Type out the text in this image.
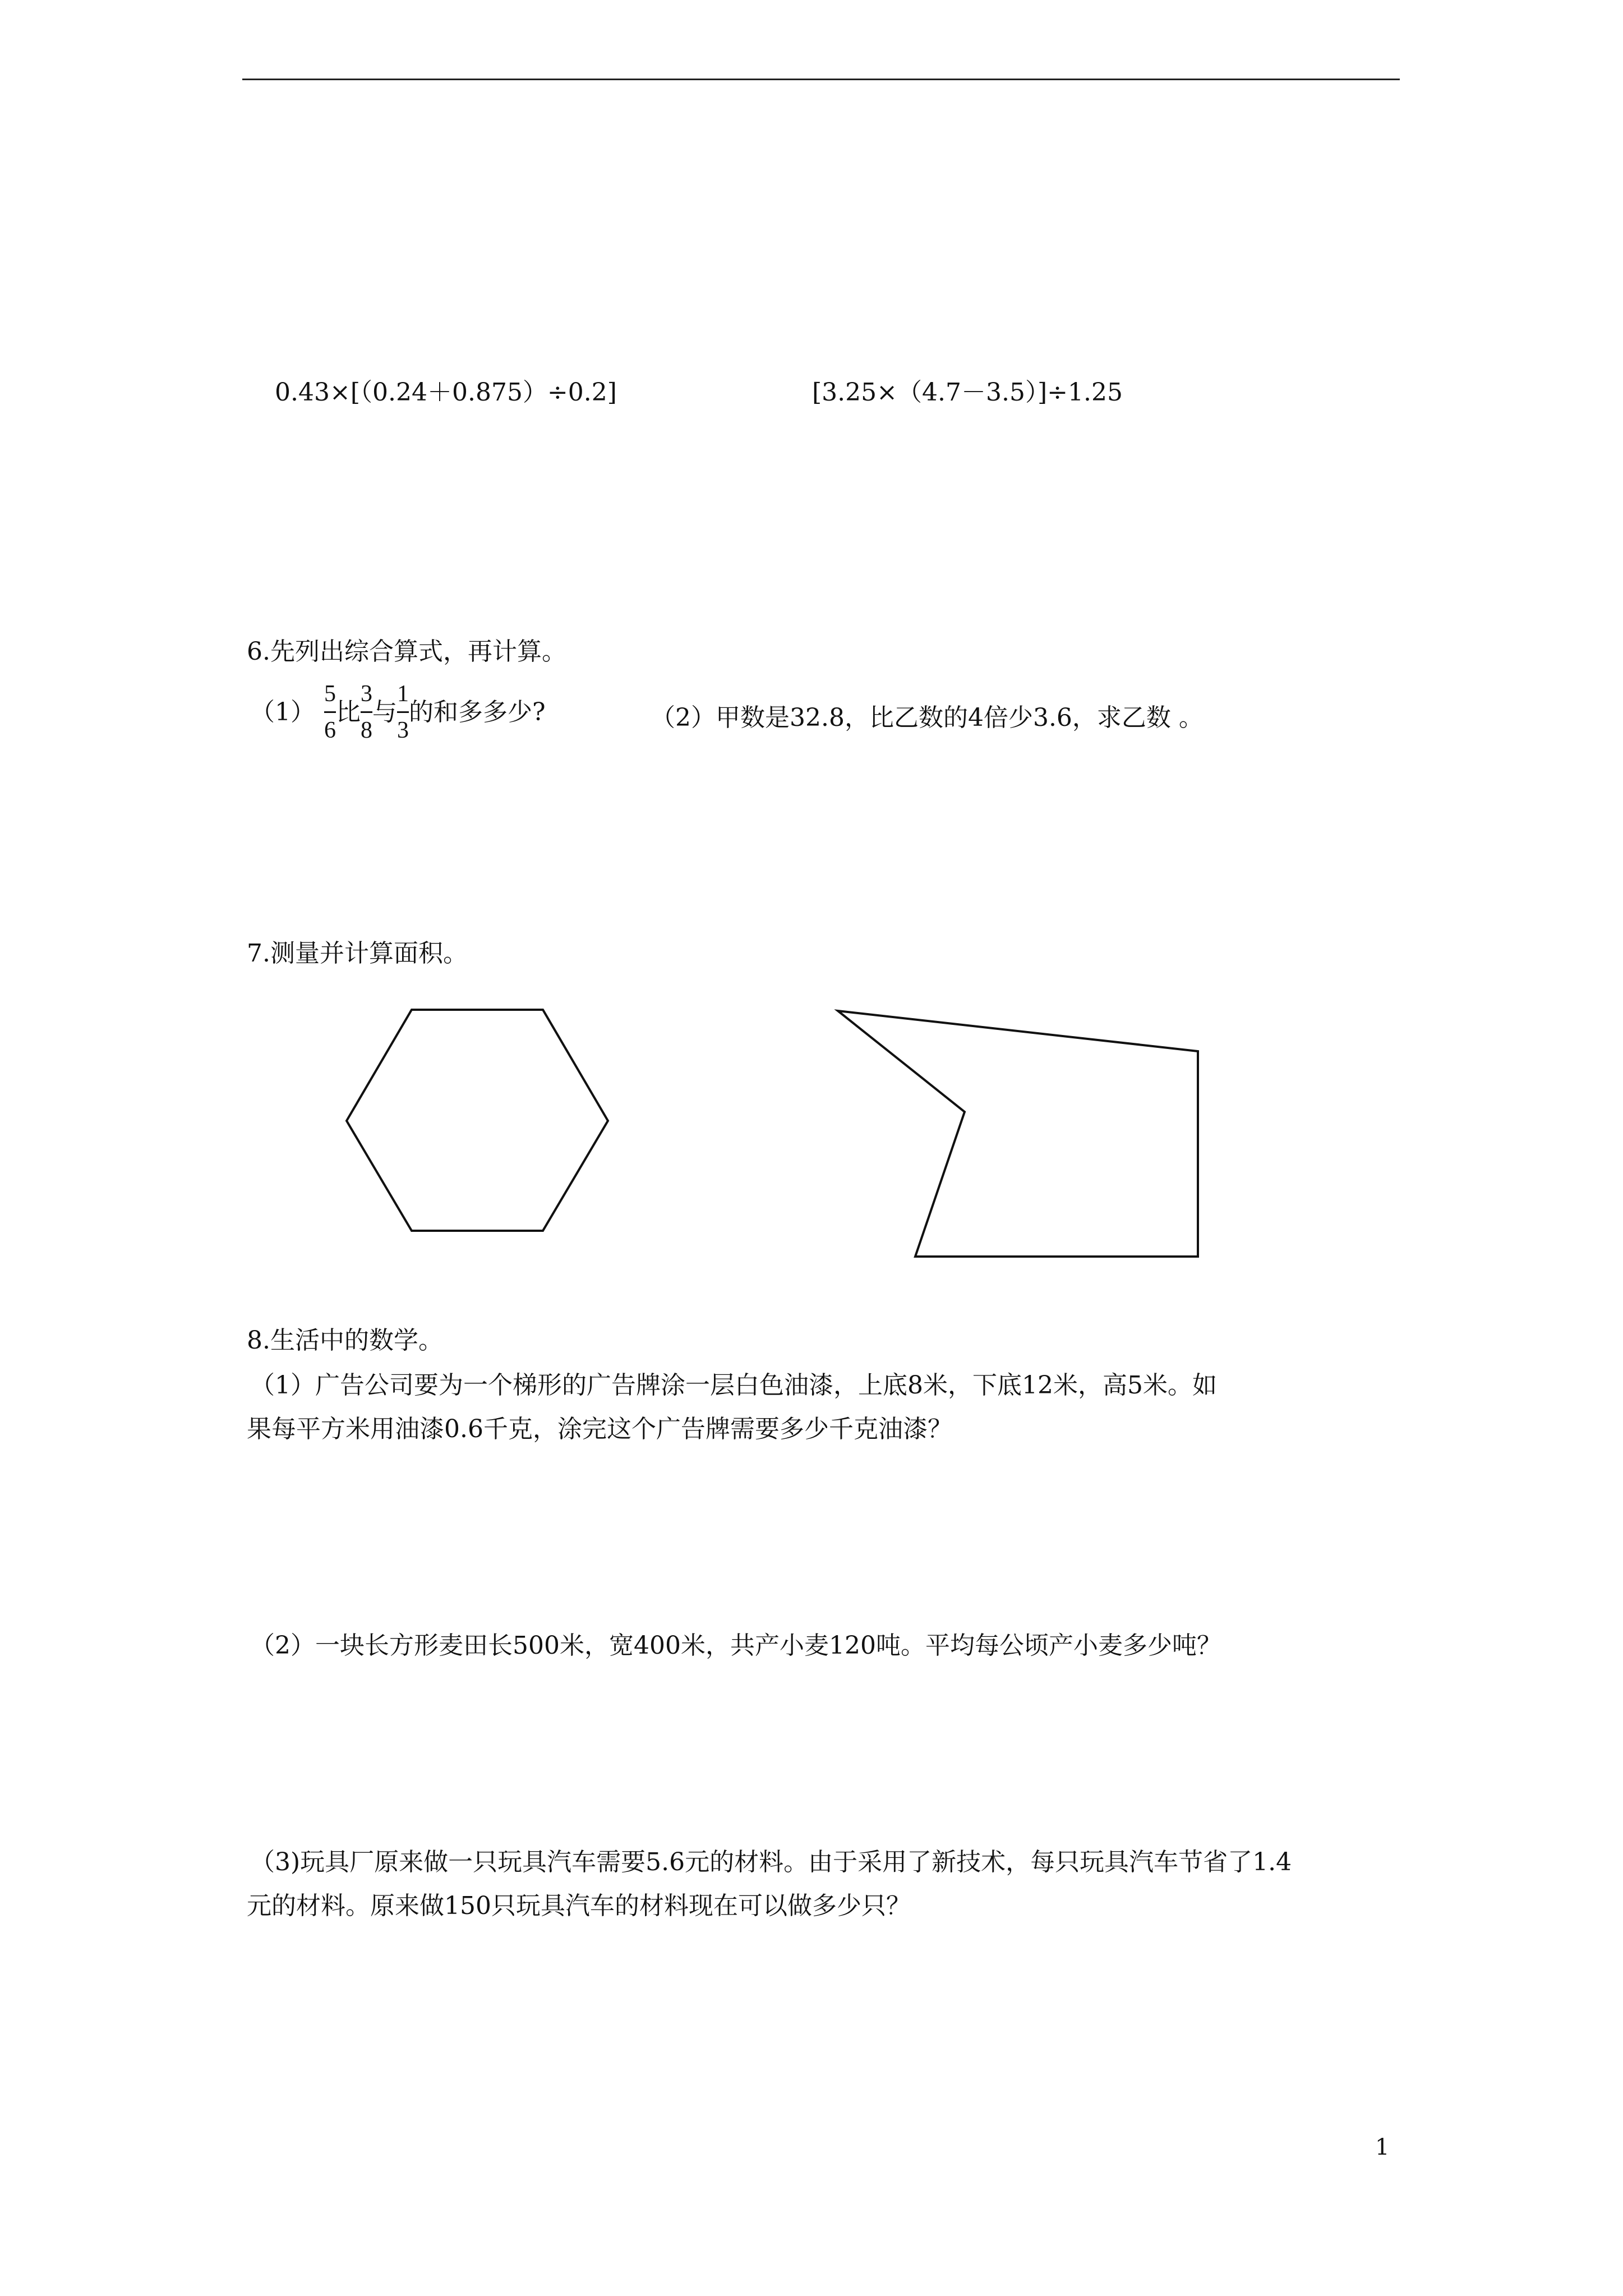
0.43×[（0.24＋0.875）÷0.2]	[3.25×（4.7－3.5）]÷1.25
6.先列出综合算式，再计算。
$(1) \frac{5}{6}$ 比 $\frac{3}{8}$ 与 $\frac{1}{3}$ 的和多多少?	（2）甲数是32.8，比乙数的4倍少3.6，求乙数 。
7.测量并计算面积。
8.生活中的数学。
（1）广告公司要为一个梯形的广告牌涂一层白色油漆，上底8米，下底12米，高5米。如
果每平方米用油漆0.6千克，涂完这个广告牌需要多少千克油漆？
（2）一块长方形麦田长500米，宽400米，共产小麦120吨。平均每公顷产小麦多少吨？
（3)玩具厂原来做一只玩具汽车需要5.6元的材料。由于采用了新技术，每只玩具汽车节省了1.4
元的材料。原来做150只玩具汽车的材料现在可以做多少只？
1
